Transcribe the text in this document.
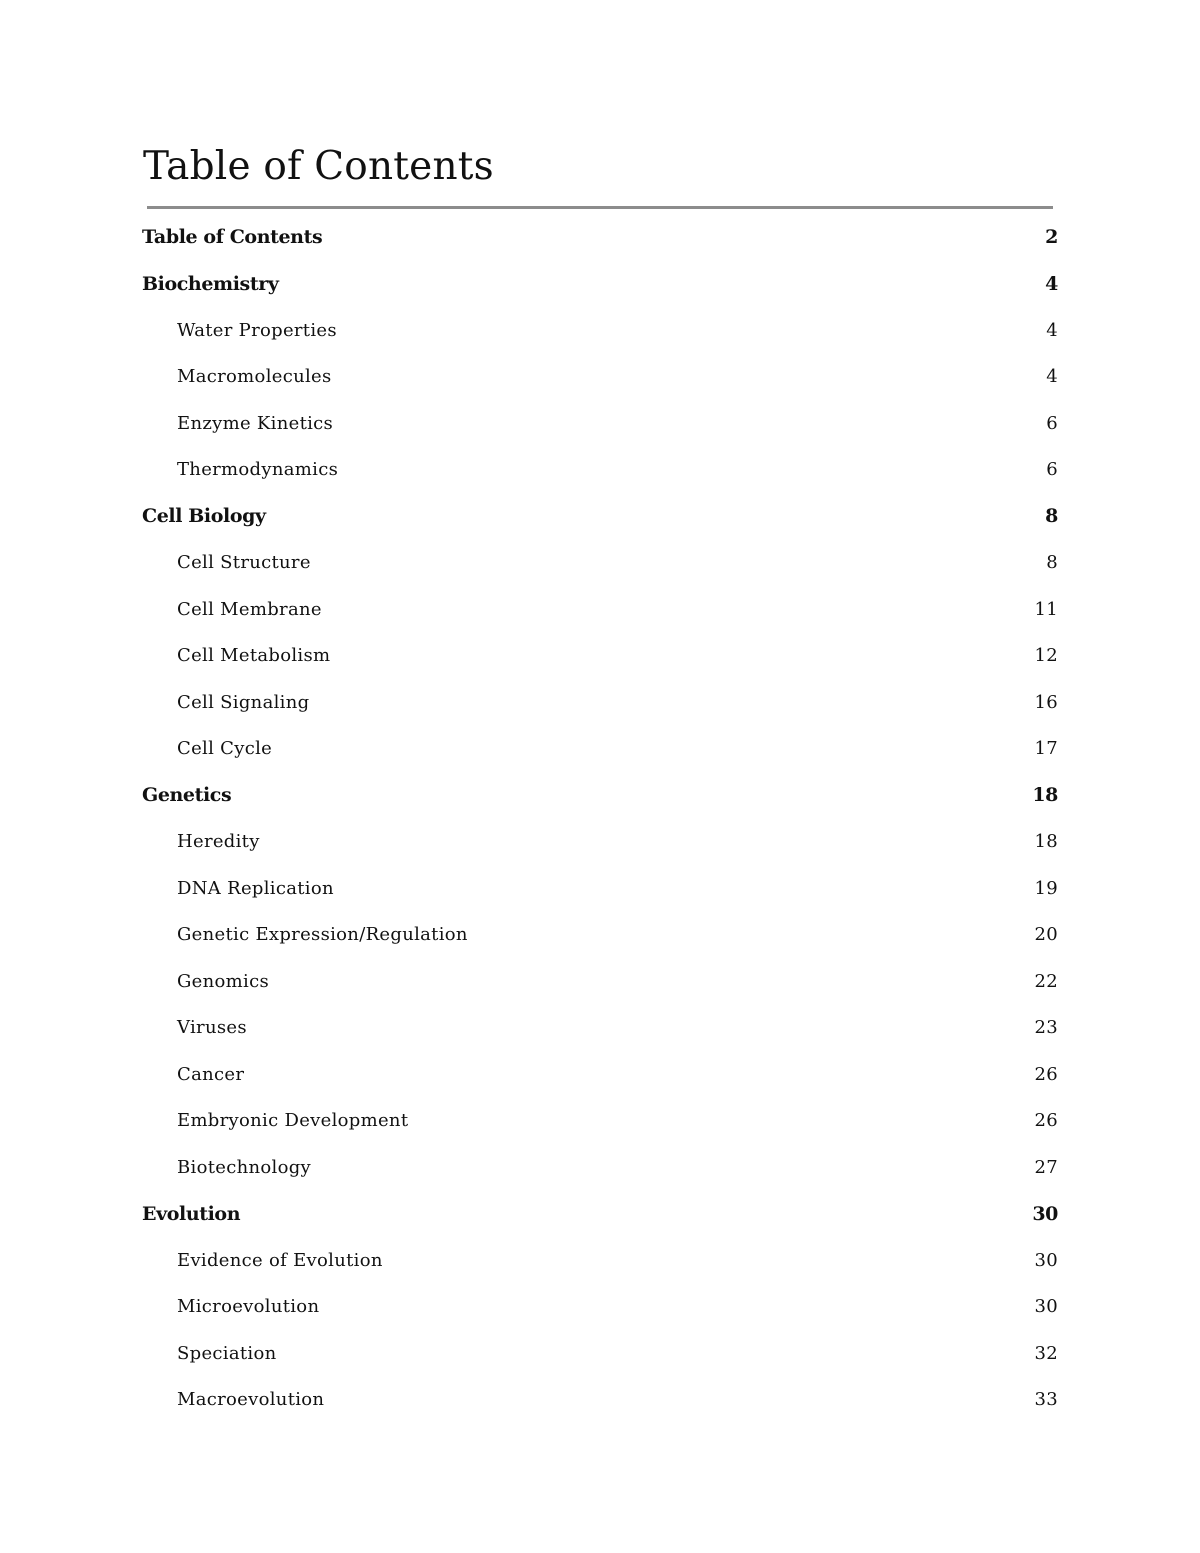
Table of Contents
Table of Contents	2
Biochemistry	4
Water Properties	4
Macromolecules	4
Enzyme Kinetics	6
Thermodynamics	6
Cell Biology	8
Cell Structure	8
Cell Membrane	11
Cell Metabolism	12
Cell Signaling	16
Cell Cycle	17
Genetics	18
Heredity	18
DNA Replication	19
Genetic Expression/Regulation	20
Genomics	22
Viruses	23
Cancer	26
Embryonic Development	26
Biotechnology	27
Evolution	30
Evidence of Evolution	30
Microevolution	30
Speciation	32
Macroevolution	33
